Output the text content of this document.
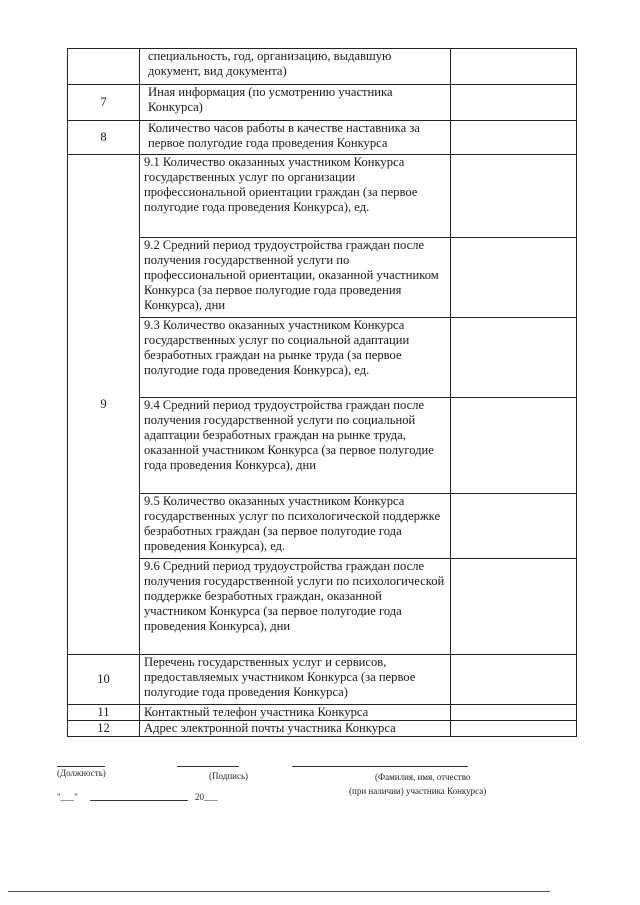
	специальность, год, организацию, выдавшую документ, вид документа)	
7	Иная информация (по усмотрению участника Конкурса)	
8	Количество часов работы в качестве наставника за первое полугодие года проведения Конкурса	
9	9.1 Количество оказанных участником Конкурса государственных услуг по организации профессиональной ориентации граждан (за первое полугодие года проведения Конкурса), ед.	
	9.2 Средний период трудоустройства граждан после получения государственной услуги по профессиональной ориентации, оказанной участником Конкурса (за первое полугодие года проведения Конкурса), дни	
	9.3 Количество оказанных участником Конкурса государственных услуг по социальной адаптации безработных граждан на рынке труда (за первое полугодие года проведения Конкурса), ед.	
	9.4 Средний период трудоустройства граждан после получения государственной услуги по социальной адаптации безработных граждан на рынке труда, оказанной участником Конкурса (за первое полугодие года проведения Конкурса), дни	
	9.5 Количество оказанных участником Конкурса государственных услуг по психологической поддержке безработных граждан (за первое полугодие года проведения Конкурса), ед.	
	9.6 Средний период трудоустройства граждан после получения государственной услуги по психологической поддержке безработных граждан, оказанной участником Конкурса (за первое полугодие года проведения Конкурса), дни	
10	Перечень государственных услуг и сервисов, предоставляемых участником Конкурса (за первое полугодие года проведения Конкурса)	
11	Контактный телефон участника Конкурса	
12	Адрес электронной почты участника Конкурса	
(Должность)	(Подпись)	(Фамилия, имя, отчество
(при наличии) участника Конкурса)
"___"	20___
